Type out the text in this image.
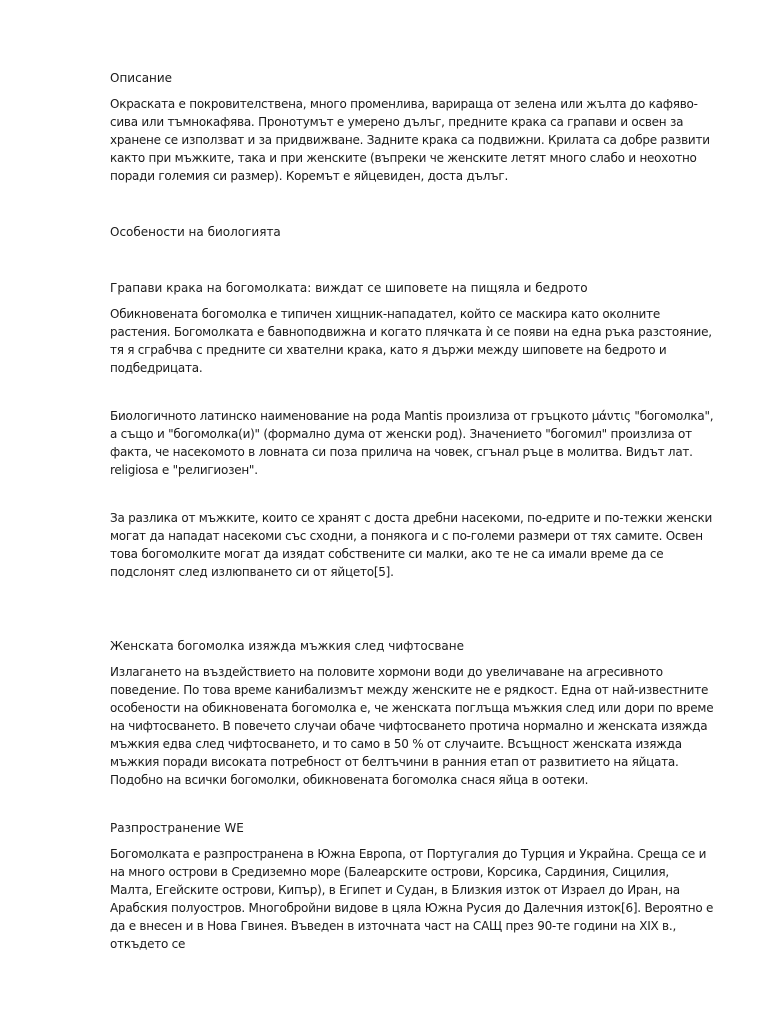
Описание

Окраската е покровителствена, много променлива, варираща от зелена или жълта до кафяво-сива или тъмнокафява. Пронотумът е умерено дълъг, предните крака са грапави и освен за хранене се използват и за придвижване. Задните крака са подвижни. Крилата са добре развити както при мъжките, така и при женските (въпреки че женските летят много слабо и неохотно поради големия си размер). Коремът е яйцевиден, доста дълъг.

Особености на биологията

Грапави крака на богомолката: виждат се шиповете на пищяла и бедрото

Обикновената богомолка е типичен хищник-нападател, който се маскира като околните растения. Богомолката е бавноподвижна и когато плячката ѝ се появи на една ръка разстояние, тя я сграбчва с предните си хвателни крака, като я държи между шиповете на бедрото и подбедрицата.

Биологичното латинско наименование на рода Mantis произлиза от гръцкото μάντις "богомолка", а също и "богомолка(и)" (формално дума от женски род). Значението "богомил" произлиза от факта, че насекомото в ловната си поза прилича на човек, сгънал ръце в молитва. Видът лат. religiosa е "религиозен".

За разлика от мъжките, които се хранят с доста дребни насекоми, по-едрите и по-тежки женски могат да нападат насекоми със сходни, а понякога и с по-големи размери от тях самите. Освен това богомолките могат да изядат собствените си малки, ако те не са имали време да се подслонят след излюпването си от яйцето[5].

Женската богомолка изяжда мъжкия след чифтосване

Излагането на въздействието на половите хормони води до увеличаване на агресивното поведение. По това време канибализмът между женските не е рядкост. Една от най-известните особености на обикновената богомолка е, че женската поглъща мъжкия след или дори по време на чифтосването. В повечето случаи обаче чифтосването протича нормално и женската изяжда мъжкия едва след чифтосването, и то само в 50 % от случаите. Всъщност женската изяжда мъжкия поради високата потребност от белтъчини в ранния етап от развитието на яйцата. Подобно на всички богомолки, обикновената богомолка снася яйца в оотеки.

Разпространение WE

Богомолката е разпространена в Южна Европа, от Португалия до Турция и Украйна. Среща се и на много острови в Средиземно море (Балеарските острови, Корсика, Сардиния, Сицилия, Малта, Егейските острови, Кипър), в Египет и Судан, в Близкия изток от Израел до Иран, на Арабския полуостров. Многобройни видове в цяла Южна Русия до Далечния изток[6]. Вероятно е да е внесен и в Нова Гвинея. Въведен в източната част на САЩ през 90-те години на XIX в., откъдето се
